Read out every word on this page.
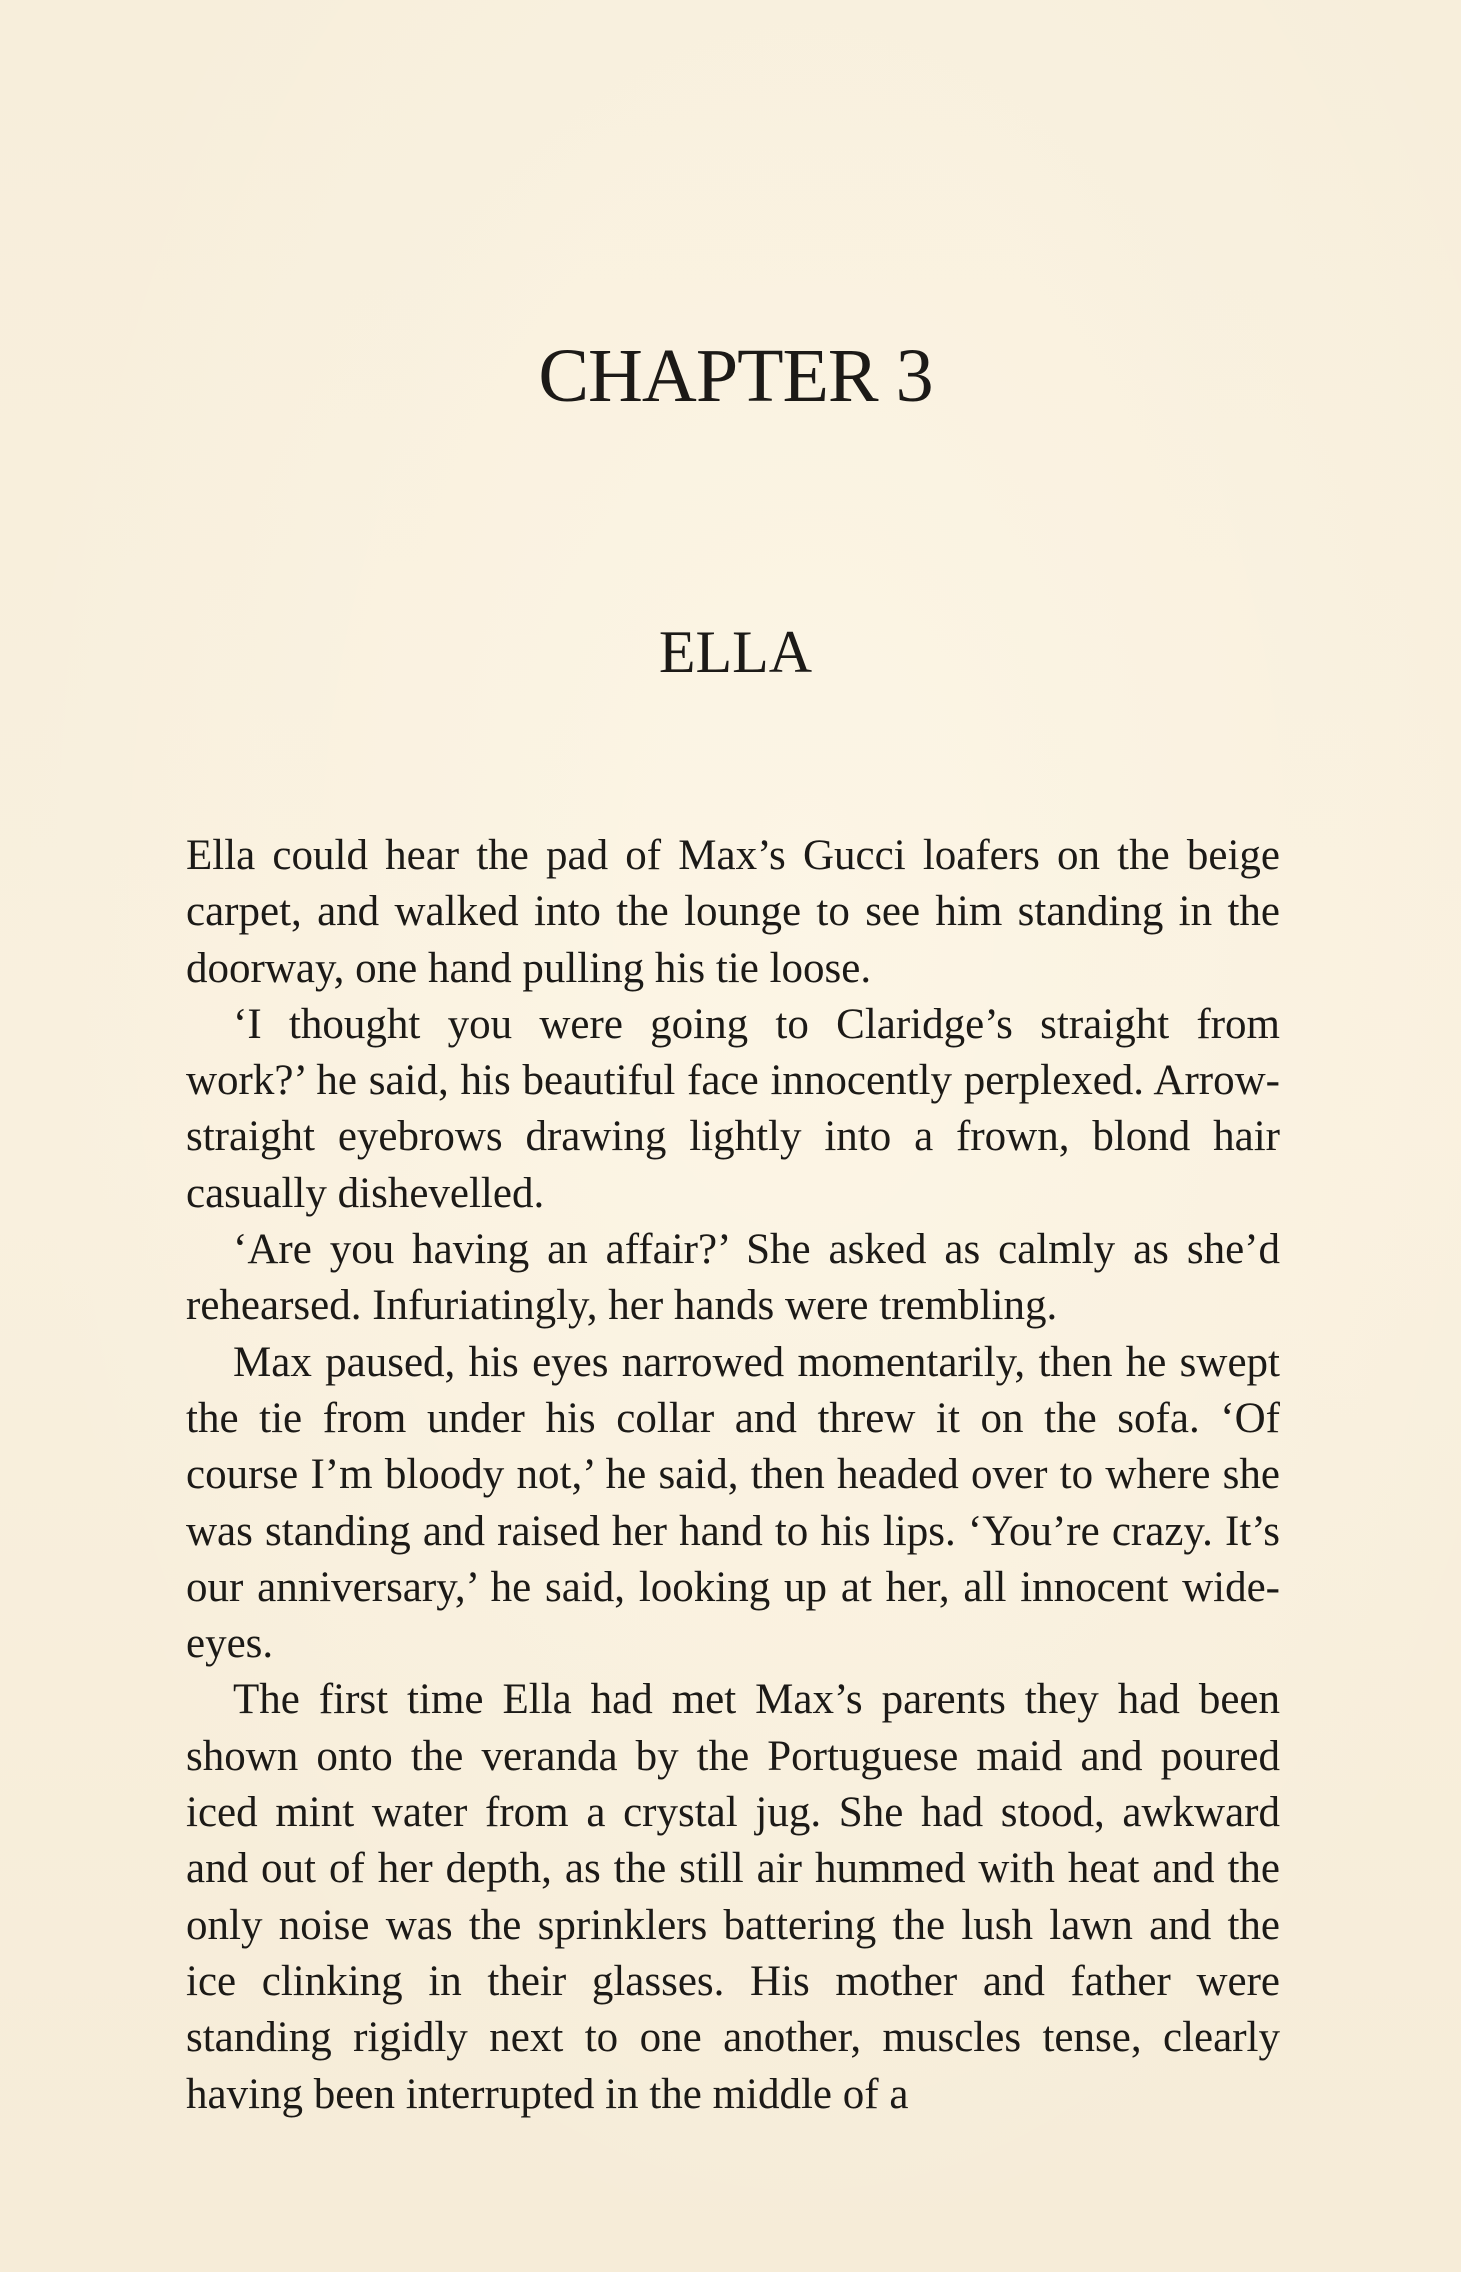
CHAPTER 3
ELLA

Ella could hear the pad of Max’s Gucci loafers on the beige carpet, and walked into the lounge to see him standing in the doorway, one hand pulling his tie loose.

‘I thought you were going to Claridge’s straight from work?’ he said, his beautiful face innocently perplexed. Arrow-straight eyebrows drawing lightly into a frown, blond hair casually dishevelled.

‘Are you having an affair?’ She asked as calmly as she’d rehearsed. Infuriatingly, her hands were trembling.

Max paused, his eyes narrowed momentarily, then he swept the tie from under his collar and threw it on the sofa. ‘Of course I’m bloody not,’ he said, then headed over to where she was standing and raised her hand to his lips. ‘You’re crazy. It’s our anniversary,’ he said, looking up at her, all innocent wide-eyes.

The first time Ella had met Max’s parents they had been shown onto the veranda by the Portuguese maid and poured iced mint water from a crystal jug. She had stood, awkward and out of her depth, as the still air hummed with heat and the only noise was the sprinklers battering the lush lawn and the ice clinking in their glasses. His mother and father were standing rigidly next to one another, muscles tense, clearly having been interrupted in the middle of a
